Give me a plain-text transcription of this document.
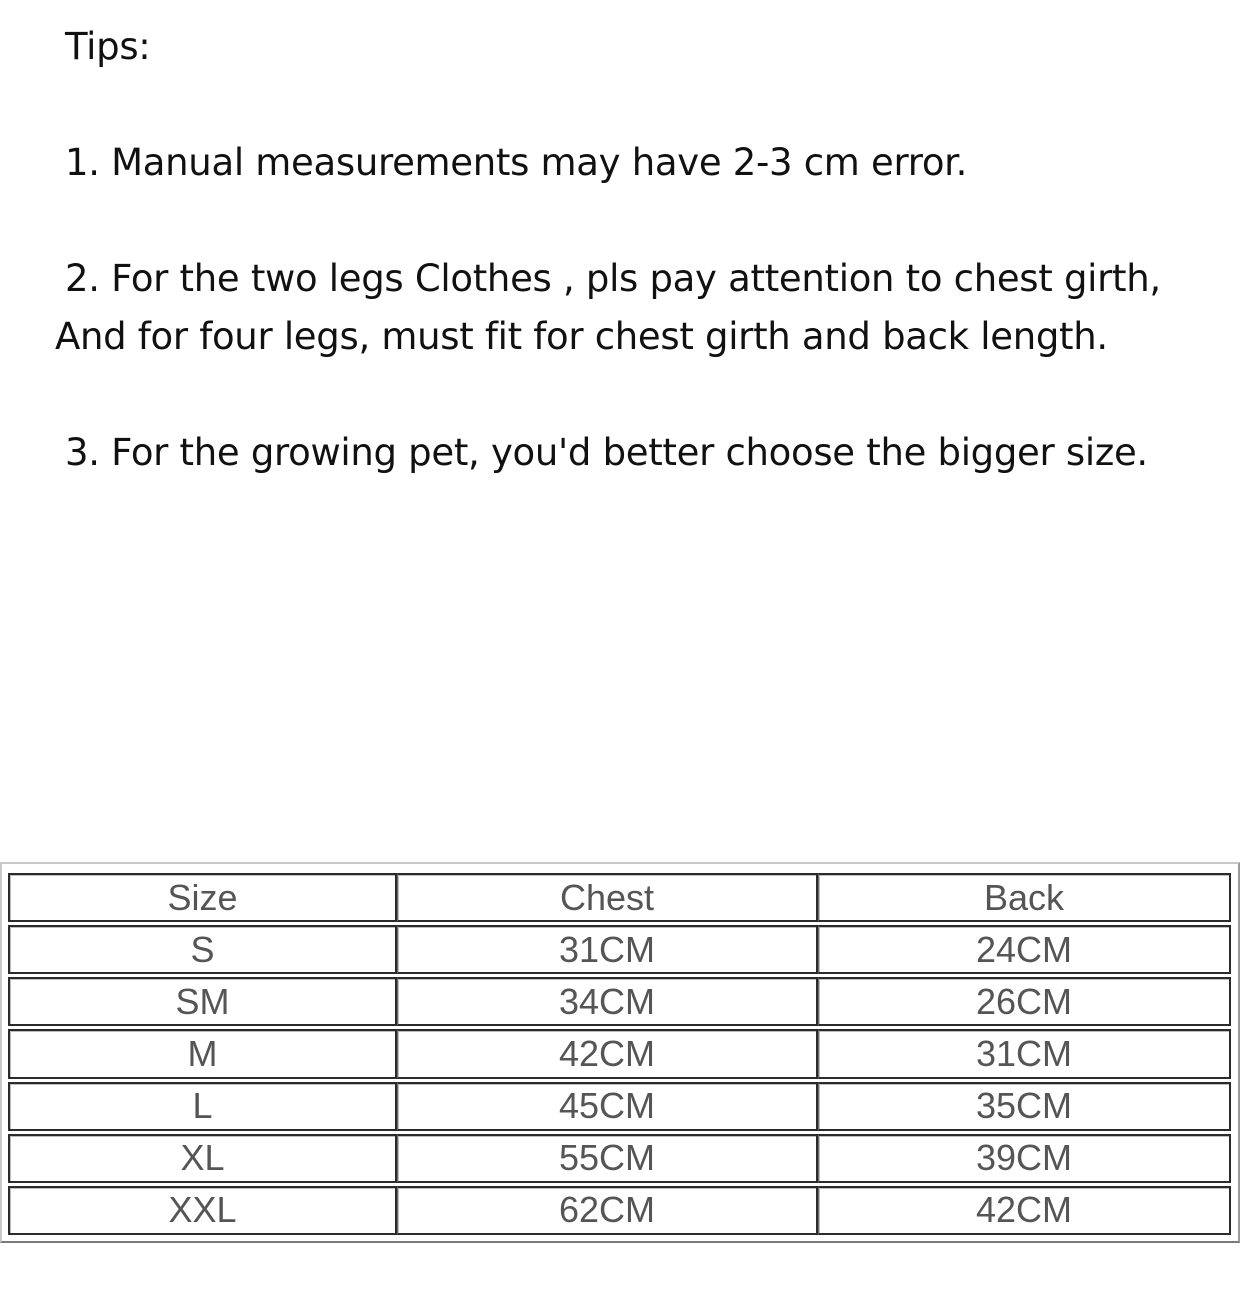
Tips:

1. Manual measurements may have 2-3 cm error.

2. For the two legs Clothes , pls pay attention to chest girth, And for four legs, must fit for chest girth and back length.

3. For the growing pet, you'd better choose the bigger size.

Size	Chest	Back
S	31CM	24CM
SM	34CM	26CM
M	42CM	31CM
L	45CM	35CM
XL	55CM	39CM
XXL	62CM	42CM
